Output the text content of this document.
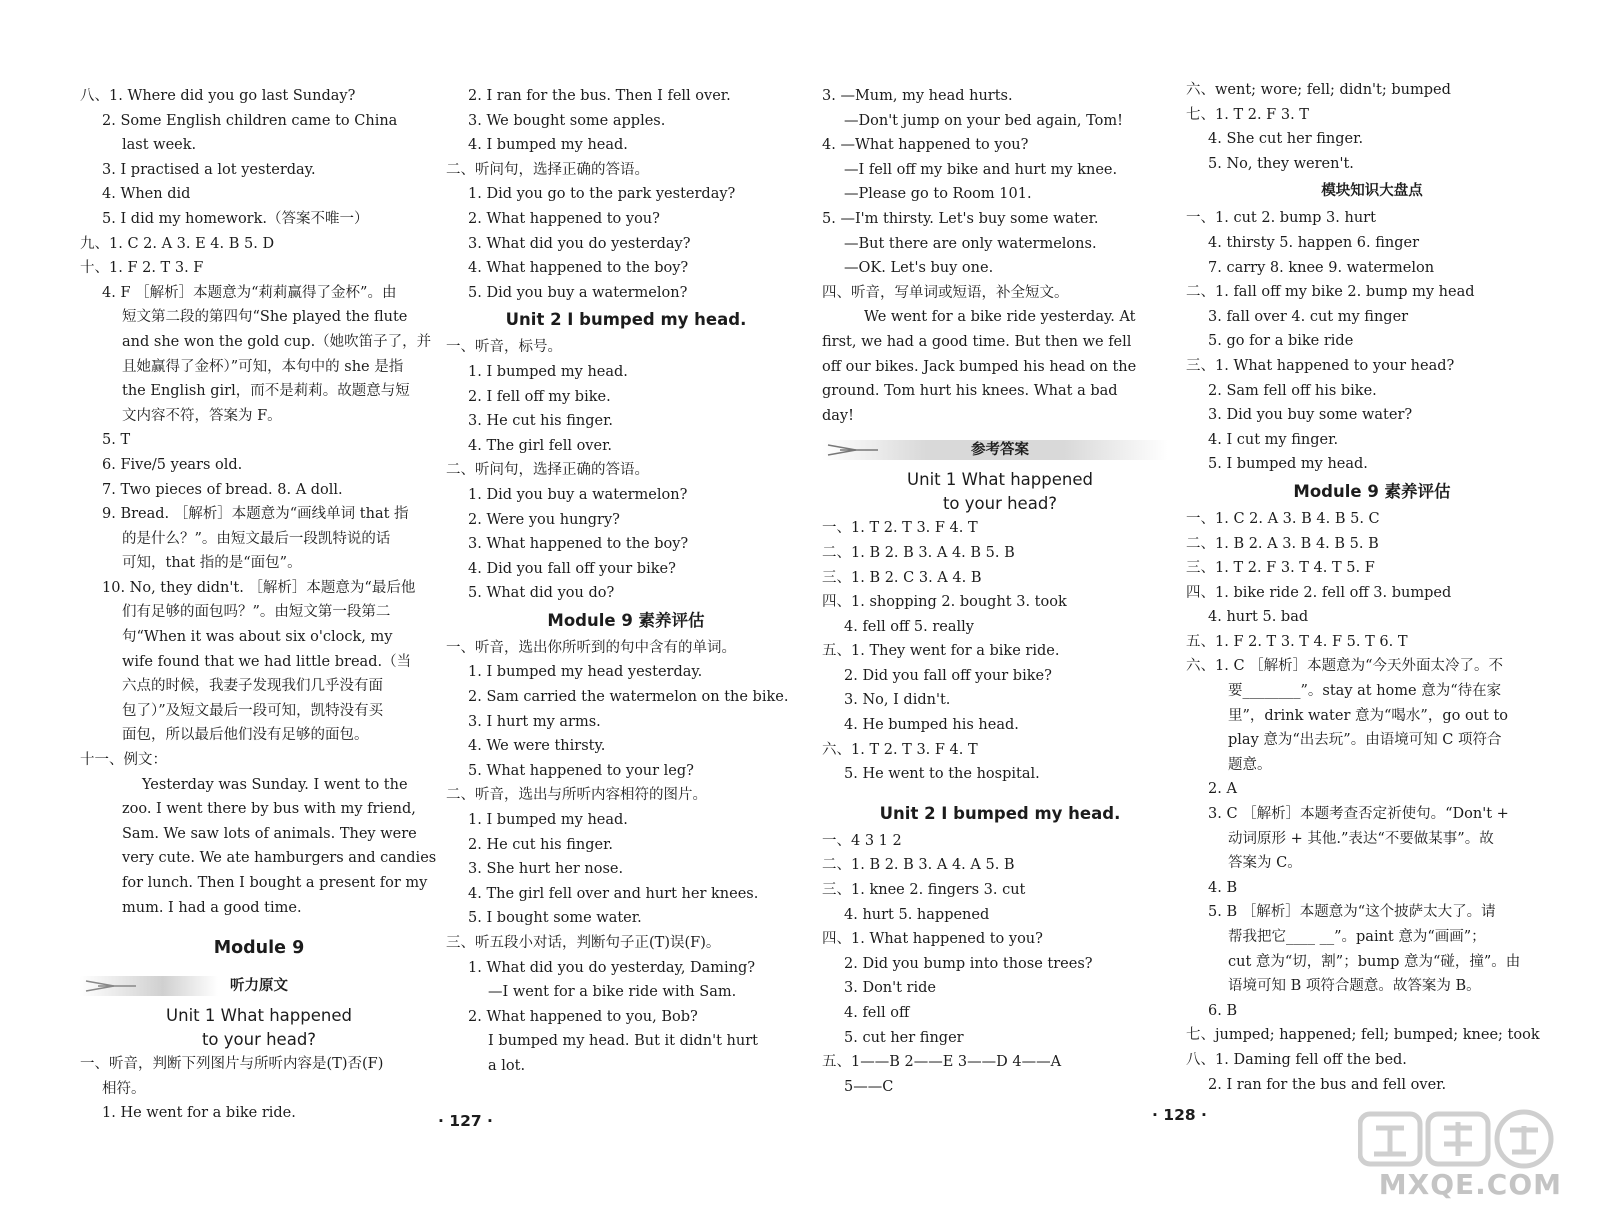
八、1. Where did you go last Sunday?
2. Some English children came to China
last week.
3. I practised a lot yesterday.
4. When did
5. I did my homework.（答案不唯一）
九、1. C 2. A 3. E 4. B 5. D
十、1. F 2. T 3. F
4. F ［解析］本题意为“莉莉赢得了金杯”。由
短文第二段的第四句“She played the flute
and she won the gold cup.（她吹笛子了，并
且她赢得了金杯）”可知，本句中的 she 是指
the English girl，而不是莉莉。故题意与短
文内容不符，答案为 F。
5. T
6. Five/5 years old.
7. Two pieces of bread. 8. A doll.
9. Bread. ［解析］本题意为“画线单词 that 指
的是什么？”。由短文最后一段凯特说的话
可知，that 指的是“面包”。
10. No, they didn't. ［解析］本题意为“最后他
们有足够的面包吗？”。由短文第一段第二
句“When it was about six o'clock, my
wife found that we had little bread.（当
六点的时候，我妻子发现我们几乎没有面
包了）”及短文最后一段可知，凯特没有买
面包，所以最后他们没有足够的面包。
十一、例文：
Yesterday was Sunday. I went to the
zoo. I went there by bus with my friend,
Sam. We saw lots of animals. They were
very cute. We ate hamburgers and candies
for lunch. Then I bought a present for my
mum. I had a good time.
Module 9
听力原文
Unit 1 What happened
to your head?
一、听音，判断下列图片与所听内容是(T)否(F)
相符。
1. He went for a bike ride.
2. I ran for the bus. Then I fell over.
3. We bought some apples.
4. I bumped my head.
二、听问句，选择正确的答语。
1. Did you go to the park yesterday?
2. What happened to you?
3. What did you do yesterday?
4. What happened to the boy?
5. Did you buy a watermelon?
Unit 2 I bumped my head.
一、听音，标号。
1. I bumped my head.
2. I fell off my bike.
3. He cut his finger.
4. The girl fell over.
二、听问句，选择正确的答语。
1. Did you buy a watermelon?
2. Were you hungry?
3. What happened to the boy?
4. Did you fall off your bike?
5. What did you do?
Module 9 素养评估
一、听音，选出你所听到的句中含有的单词。
1. I bumped my head yesterday.
2. Sam carried the watermelon on the bike.
3. I hurt my arms.
4. We were thirsty.
5. What happened to your leg?
二、听音，选出与所听内容相符的图片。
1. I bumped my head.
2. He cut his finger.
3. She hurt her nose.
4. The girl fell over and hurt her knees.
5. I bought some water.
三、听五段小对话，判断句子正(T)误(F)。
1. What did you do yesterday, Daming?
—I went for a bike ride with Sam.
2. What happened to you, Bob?
I bumped my head. But it didn't hurt
a lot.
3. —Mum, my head hurts.
—Don't jump on your bed again, Tom!
4. —What happened to you?
—I fell off my bike and hurt my knee.
—Please go to Room 101.
5. —I'm thirsty. Let's buy some water.
—But there are only watermelons.
—OK. Let's buy one.
四、听音，写单词或短语，补全短文。
We went for a bike ride yesterday. At
first, we had a good time. But then we fell
off our bikes. Jack bumped his head on the
ground. Tom hurt his knees. What a bad
day!
参考答案
Unit 1 What happened
to your head?
一、1. T 2. T 3. F 4. T
二、1. B 2. B 3. A 4. B 5. B
三、1. B 2. C 3. A 4. B
四、1. shopping 2. bought 3. took
4. fell off 5. really
五、1. They went for a bike ride.
2. Did you fall off your bike?
3. No, I didn't.
4. He bumped his head.
六、1. T 2. T 3. F 4. T
5. He went to the hospital.
Unit 2 I bumped my head.
一、4 3 1 2
二、1. B 2. B 3. A 4. A 5. B
三、1. knee 2. fingers 3. cut
4. hurt 5. happened
四、1. What happened to you?
2. Did you bump into those trees?
3. Don't ride
4. fell off
5. cut her finger
五、1——B 2——E 3——D 4——A
5——C
六、went; wore; fell; didn't; bumped
七、1. T 2. F 3. T
4. She cut her finger.
5. No, they weren't.
模块知识大盘点
一、1. cut 2. bump 3. hurt
4. thirsty 5. happen 6. finger
7. carry 8. knee 9. watermelon
二、1. fall off my bike 2. bump my head
3. fall over 4. cut my finger
5. go for a bike ride
三、1. What happened to your head?
2. Sam fell off his bike.
3. Did you buy some water?
4. I cut my finger.
5. I bumped my head.
Module 9 素养评估
一、1. C 2. A 3. B 4. B 5. C
二、1. B 2. A 3. B 4. B 5. B
三、1. T 2. F 3. T 4. T 5. F
四、1. bike ride 2. fell off 3. bumped
4. hurt 5. bad
五、1. F 2. T 3. T 4. F 5. T 6. T
六、1. C ［解析］本题意为“今天外面太冷了。不
要________”。stay at home 意为“待在家
里”，drink water 意为“喝水”，go out to
play 意为“出去玩”。由语境可知 C 项符合
题意。
2. A
3. C ［解析］本题考查否定祈使句。“Don't +
动词原形 + 其他.”表达“不要做某事”。故
答案为 C。
4. B
5. B ［解析］本题意为“这个披萨太大了。请
帮我把它____ __”。paint 意为“画画”；
cut 意为“切，割”；bump 意为“碰，撞”。由
语境可知 B 项符合题意。故答案为 B。
6. B
七、jumped; happened; fell; bumped; knee; took
八、1. Daming fell off the bed.
2. I ran for the bus and fell over.
· 127 ·	· 128 ·
MXQE.COM
